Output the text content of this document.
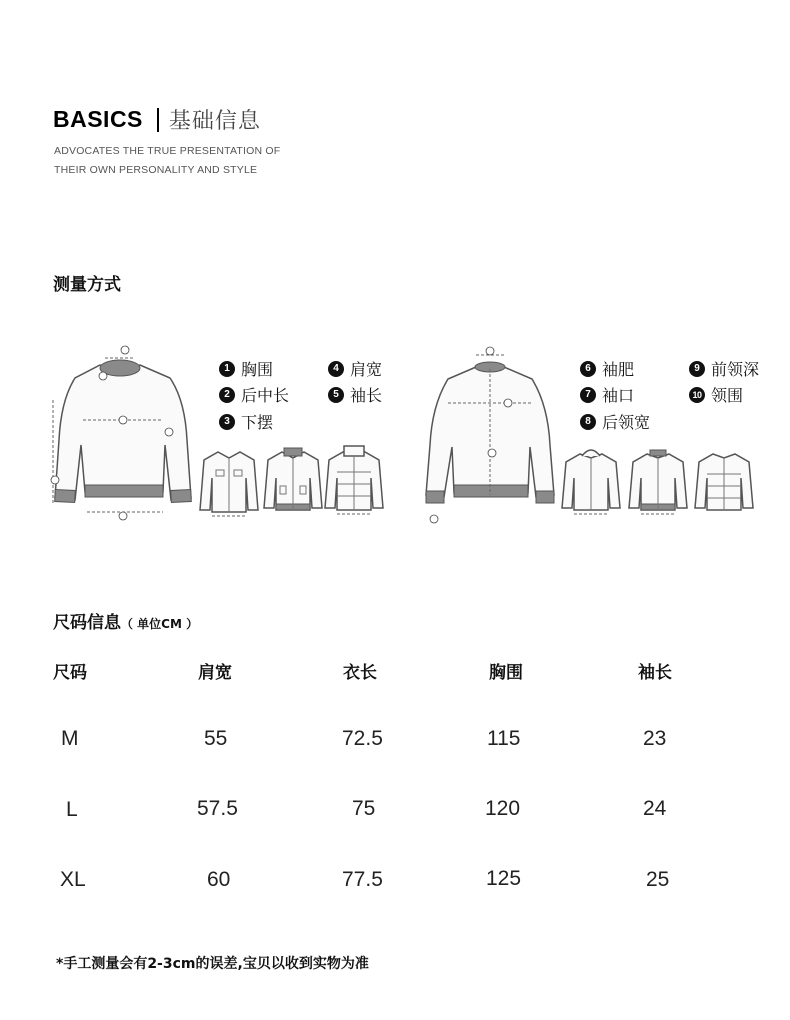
BASICS 基础信息
ADVOCATES THE TRUE PRESENTATION OF
THEIR OWN PERSONALITY AND STYLE
测量方式
1 胸围
2 后中长
3 下摆
4 肩宽
5 袖长
6 袖肥
7 袖口
8 后领宽
9 前领深
10 领围
尺码信息（ 单位CM ）
尺码	肩宽	衣长	胸围	袖长
M	55	72.5	115	23
L	57.5	75	120	24
XL	60	77.5	125	25
*手工测量会有2-3cm的误差,宝贝以收到实物为准
